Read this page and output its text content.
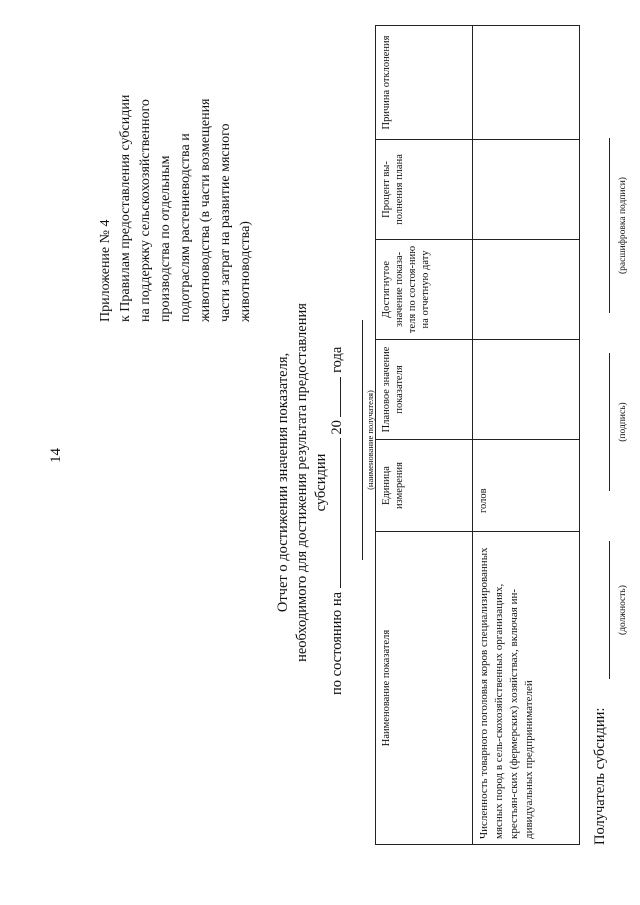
14
Приложение № 4 к Правилам предоставления субсидии на поддержку сельскохозяйственного производства по отдельным подотраслям растениеводства и животноводства (в части возмещения части затрат на развитие мясного животноводства)
Отчет о достижении значения показателя, необходимого для достижения результата предоставления субсидии
по состоянию на  20  года
(наименование получателя)
Наименование показателя	Единица измерения	Плановое значение показателя	Достигнутое значение показа-теля по состоя-нию на отчетную дату	Процент вы-полнения плана	Причина отклонения
Численность товарного поголовья коров специализированных мясных пород в сель-скохозяйственных организациях, крестьян-ских (фермерских) хозяйствах, включая ин-дивидуальных предпринимателей	голов				
Получатель субсидии:
(должность)
(подпись)
(расшифровка подписи)
